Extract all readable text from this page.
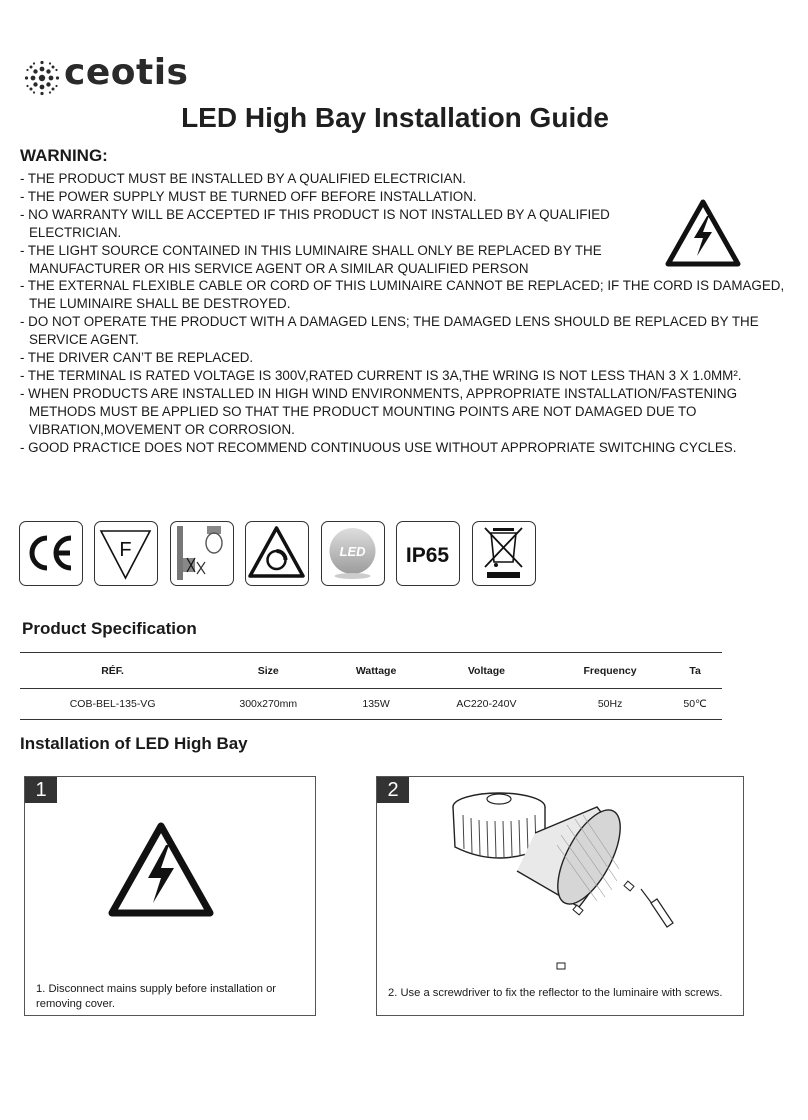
ceotis
LED High Bay Installation Guide
WARNING:
- THE PRODUCT MUST BE INSTALLED BY A QUALIFIED ELECTRICIAN.
- THE POWER SUPPLY MUST BE TURNED OFF BEFORE INSTALLATION.
- NO WARRANTY WILL BE ACCEPTED IF THIS PRODUCT IS NOT INSTALLED BY A QUALIFIED ELECTRICIAN.
- THE LIGHT SOURCE CONTAINED IN THIS LUMINAIRE SHALL ONLY BE REPLACED BY THE MANUFACTURER OR HIS SERVICE AGENT OR A SIMILAR QUALIFIED PERSON
- THE EXTERNAL FLEXIBLE CABLE OR CORD OF THIS LUMINAIRE CANNOT BE REPLACED; IF THE CORD IS DAMAGED, THE LUMINAIRE SHALL BE DESTROYED.
- DO NOT OPERATE THE PRODUCT WITH A DAMAGED LENS; THE DAMAGED LENS SHOULD BE REPLACED BY THE SERVICE AGENT.
- THE DRIVER CAN’T BE REPLACED.
- THE TERMINAL IS RATED VOLTAGE IS 300V,RATED CURRENT IS 3A,THE WRING IS NOT LESS THAN 3 X 1.0MM².
- WHEN PRODUCTS ARE INSTALLED IN HIGH WIND ENVIRONMENTS, APPROPRIATE INSTALLATION/FASTENING METHODS MUST BE APPLIED SO THAT THE PRODUCT MOUNTING POINTS ARE NOT DAMAGED DUE TO VIBRATION,MOVEMENT OR CORROSION.
- GOOD PRACTICE DOES NOT RECOMMEND CONTINUOUS USE WITHOUT APPROPRIATE SWITCHING CYCLES.
F	LED IP65
Product Specification
RÉF.	Size	Wattage	Voltage	Frequency	Ta
COB-BEL-135-VG	300x270mm	135W	AC220-240V	50Hz	50℃
Installation of LED High Bay
1
1. Disconnect mains supply before installation or removing cover.
2
2. Use a screwdriver to fix the reflector to the luminaire with screws.
